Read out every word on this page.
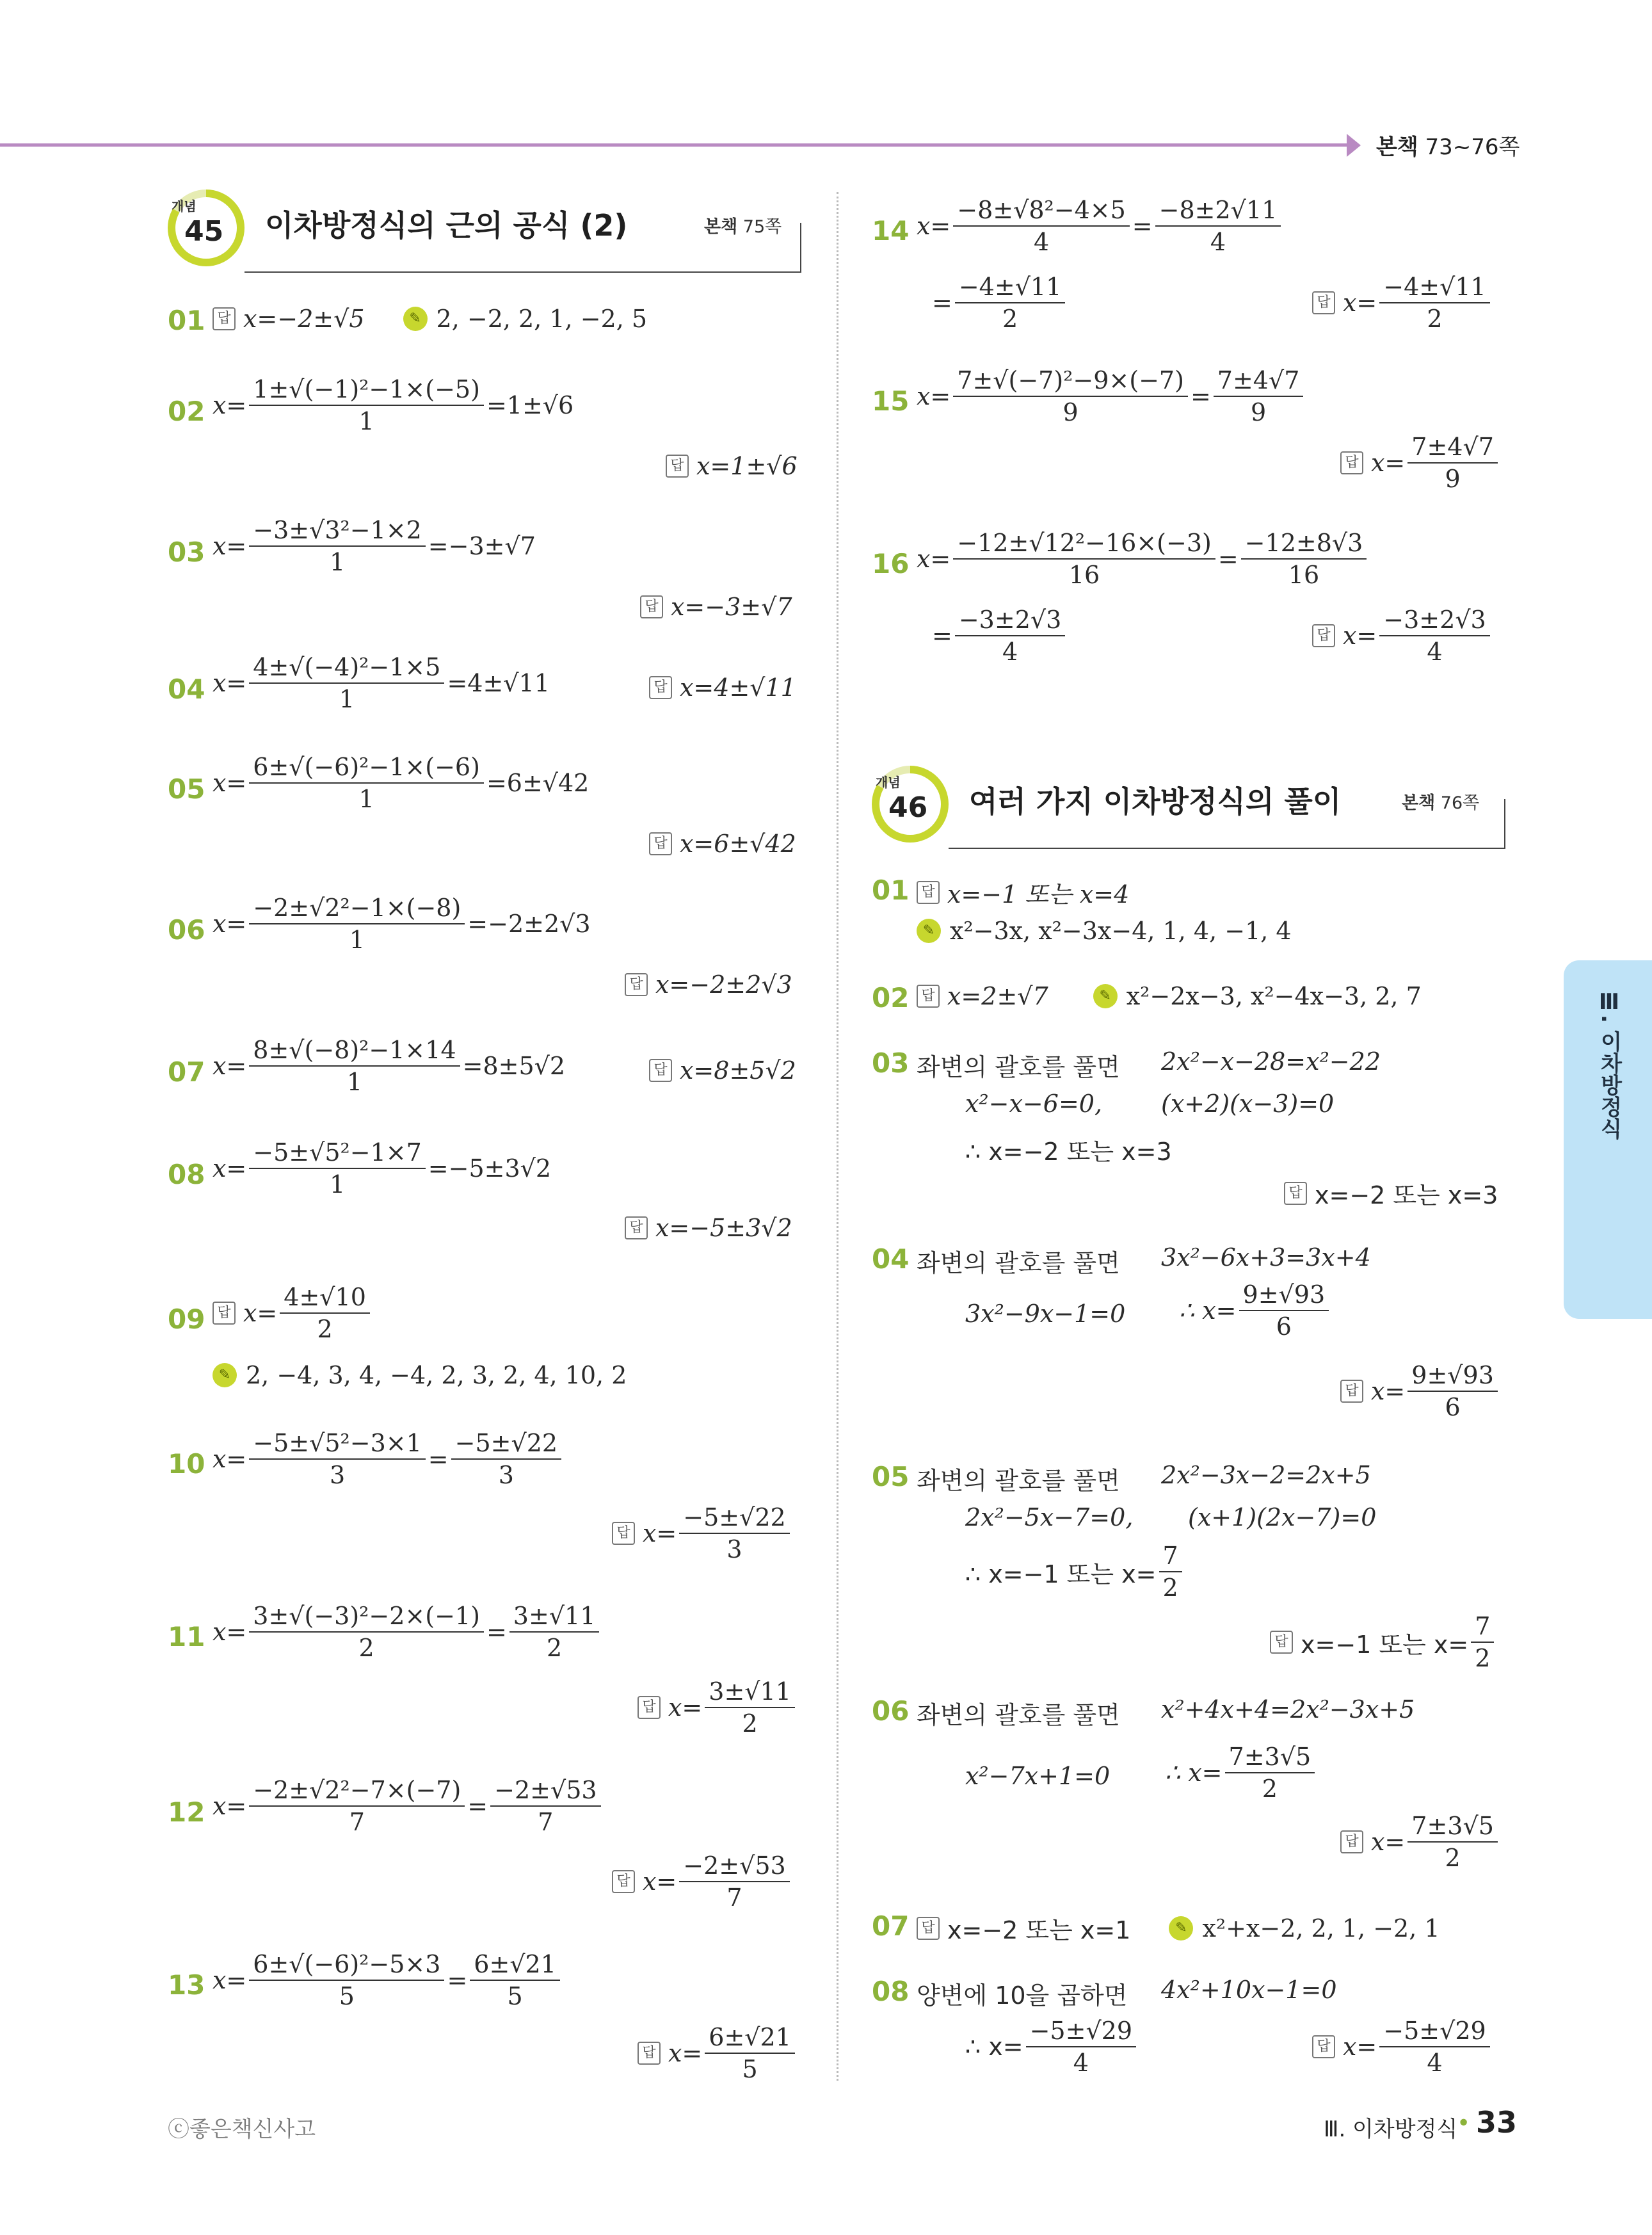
본책 73~76쪽
개념
45 이차방정식의 근의 공식 (2)	본책 75쪽
개념
46 여러 가지 이차방정식의 풀이	본책 76쪽
01 답 x=−2±√5	✎ 2, −2, 2, 1, −2, 5
02 $x= \frac{\text{1±√(−1)²−1×(−5)}}{1} =1\pm√6$
답 x=1±√6
03 $x= \frac{\text{−3±√3²−1×2}}{1} =-3\pm√7$
답 x=−3±√7
04 $x= \frac{\text{4±√(−4)²−1×5}}{1} =4\pm√11$	답 x=4±√11
05 $x= \frac{\text{6±√(−6)²−1×(−6)}}{1} =6\pm√42$
답 x=6±√42
06 $x= \frac{\text{−2±√2²−1×(−8)}}{1} =-2\pm 2√3$
답 x=−2±2√3
07 $x= \frac{\text{8±√(−8)²−1×14}}{1} =8\pm 5√2$	답 x=8±5√2
08 $x= \frac{\text{−5±√5²−1×7}}{1} =-5\pm 3√2$
답 x=−5±3√2
09 답 $x= \frac{4\pm√10}{2}$
✎ 2, −4, 3, 4, −4, 2, 3, 2, 4, 10, 2
10 $x= \frac{\text{−5±√5²−3×1}}{3} = \frac{-5\pm√22}{3}$
답 $x= \frac{-5\pm√22}{3}$
11 $x= \frac{\text{3±√(−3)²−2×(−1)}}{2} = \frac{3\pm√11}{2}$
답 $x= \frac{3\pm√11}{2}$
12 $x= \frac{\text{−2±√2²−7×(−7)}}{7} = \frac{-2\pm√53}{7}$
답 $x= \frac{-2\pm√53}{7}$
13 $x= \frac{\text{6±√(−6)²−5×3}}{5} = \frac{6\pm√21}{5}$
답 $x= \frac{6\pm√21}{5}$
14 $x= \frac{\text{−8±√8²−4×5}}{4} = \frac{-8\pm 2√11}{4}$
= $\frac{-4\pm√11}{2}$	답 $x= \frac{-4\pm√11}{2}$
15 $x= \frac{\text{7±√(−7)²−9×(−7)}}{9} = \frac{7\pm 4√7}{9}$
답 $x= \frac{7\pm 4√7}{9}$
16 $x= \frac{\text{−12±√12²−16×(−3)}}{16} = \frac{-12\pm 8√3}{16}$
= $\frac{-3\pm 2√3}{4}$	답 $x= \frac{-3\pm 2√3}{4}$
01 답 x=−1 또는 x=4
✎ x²−3x, x²−3x−4, 1, 4, −1, 4
02 답 x=2±√7	✎ x²−2x−3, x²−4x−3, 2, 7
03 좌변의 괄호를 풀면 2x²−x−28=x²−22
x²−x−6=0, (x+2)(x−3)=0
∴ x=−2 또는 x=3
답 x=−2 또는 x=3
04 좌변의 괄호를 풀면 3x²−6x+3=3x+4
3x²−9x−1=0 ∴ $x= \frac{9\pm√93}{6}$
답 $x= \frac{9\pm√93}{6}$
05 좌변의 괄호를 풀면 2x²−3x−2=2x+5
2x²−5x−7=0, (x+1)(2x−7)=0
∴ x=−1 또는 $x= \frac{7}{2}$
답 x=−1 또는 $x= \frac{7}{2}$
06 좌변의 괄호를 풀면 x²+4x+4=2x²−3x+5
x²−7x+1=0 ∴ $x= \frac{7\pm 3√5}{2}$
답 $x= \frac{7\pm 3√5}{2}$
07 답 x=−2 또는 x=1	✎ x²+x−2, 2, 1, −2, 1
08 양변에 10을 곱하면 4x²+10x−1=0
∴ $x= \frac{-5\pm√29}{4}$	답 $x= \frac{-5\pm√29}{4}$
Ⅲ. 이차방정식
ⓒ좋은책신사고	Ⅲ. 이차방정식
• 33
